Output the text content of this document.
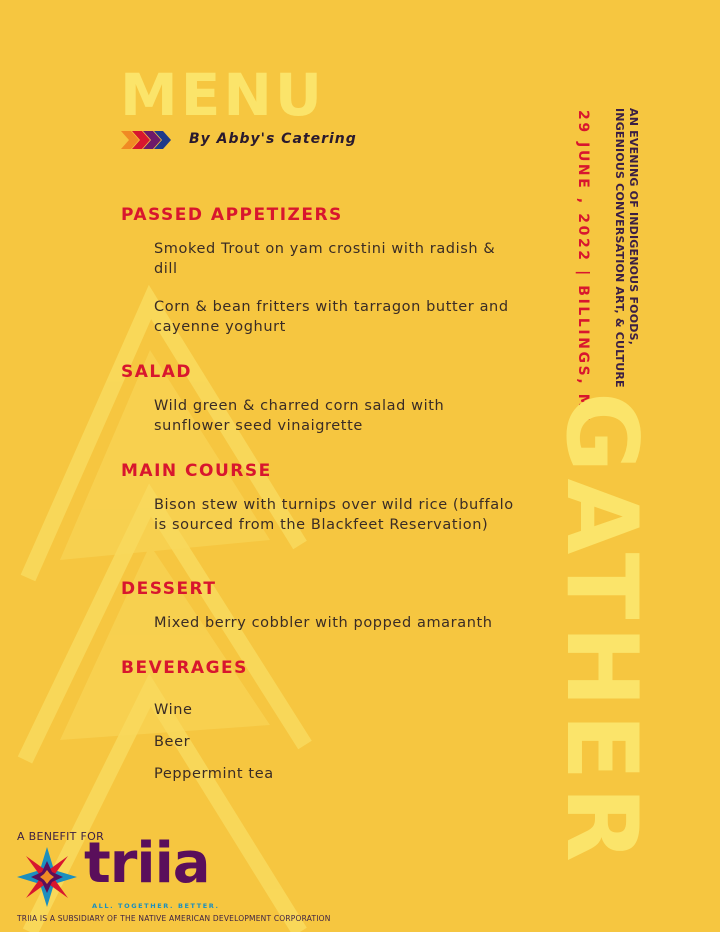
MENU
By Abby's Catering
PASSED APPETIZERS
Smoked Trout on yam crostini with radish & dill
Corn & bean fritters with tarragon butter and cayenne yoghurt
SALAD
Wild green & charred corn salad with sunflower seed vinaigrette
MAIN COURSE
Bison stew with turnips over wild rice (buffalo is sourced from the Blackfeet Reservation)
DESSERT
Mixed berry cobbler with popped amaranth
BEVERAGES
Wine
Beer
Peppermint tea
AN EVENING OF INDIGENOUS FOODS,
INGENIOUS CONVERSATION ART, & CULTURE
29 JUNE , 2022 | BILLINGS, MT
GATHER
A BENEFIT FOR
triia
ALL. TOGETHER. BETTER.
TRIIA IS A SUBSIDIARY OF THE NATIVE AMERICAN DEVELOPMENT CORPORATION
